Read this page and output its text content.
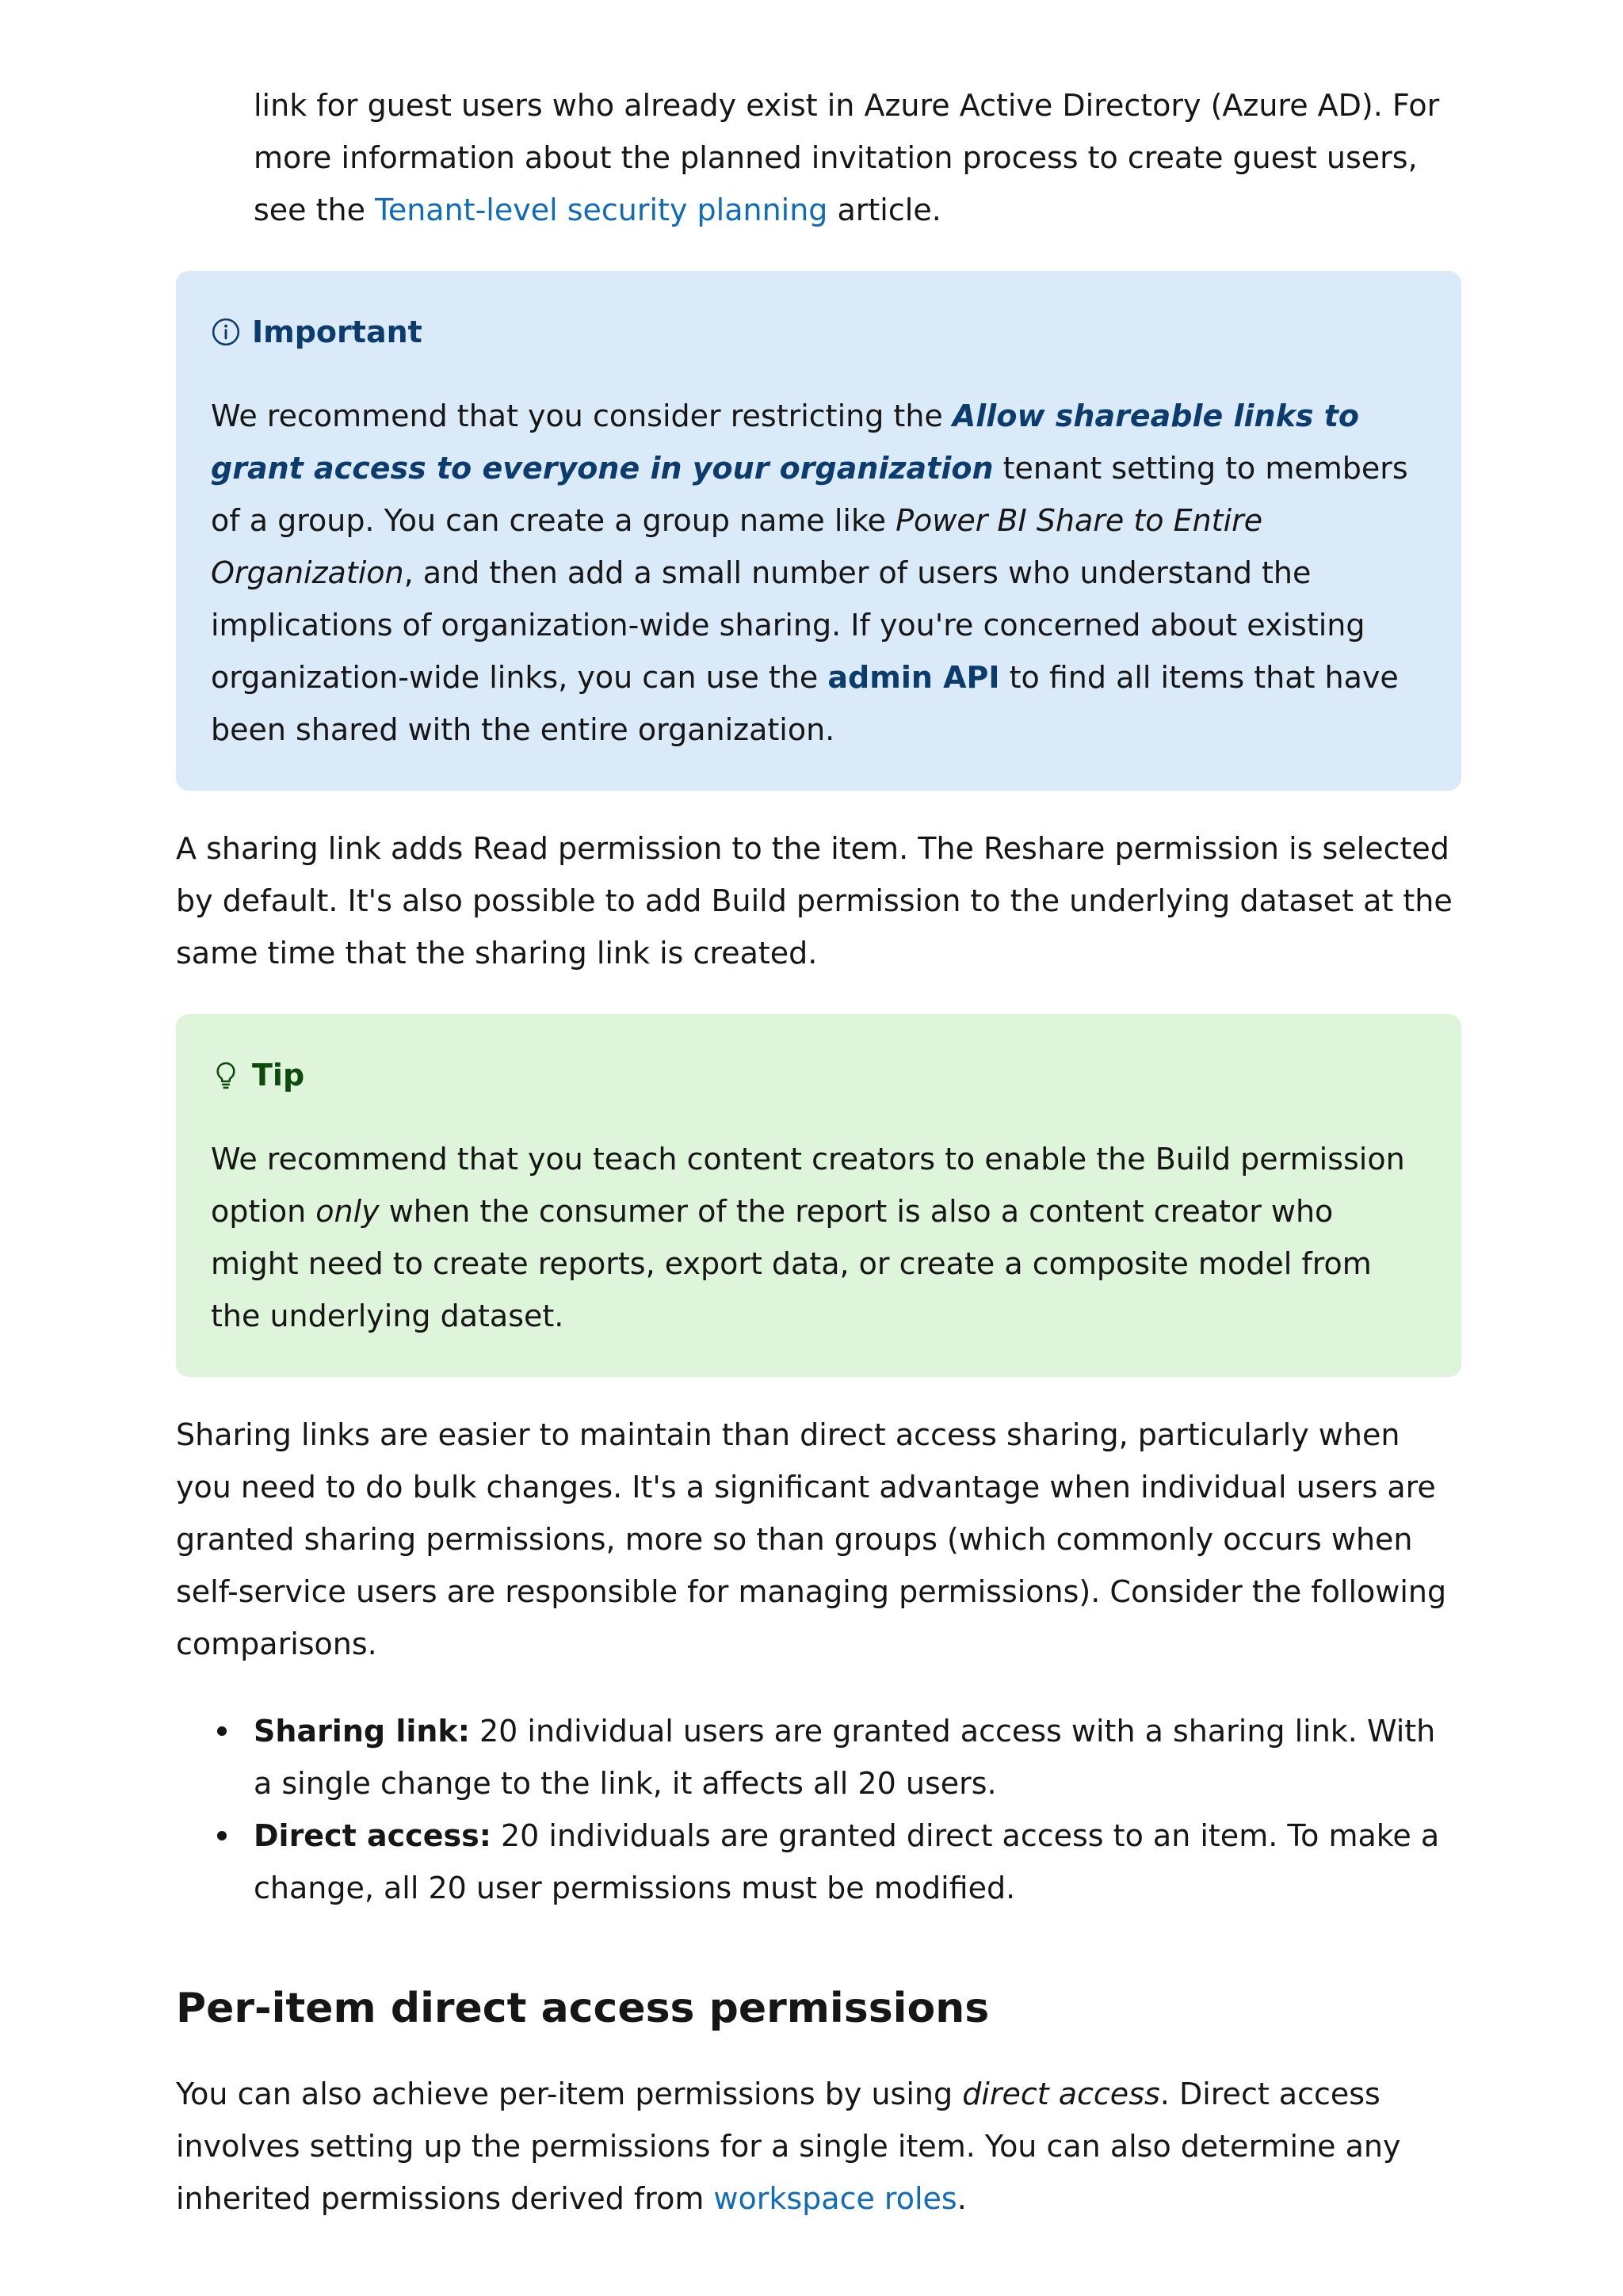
link for guest users who already exist in Azure Active Directory (Azure AD). For more information about the planned invitation process to create guest users, see the Tenant-level security planning article.

Important

We recommend that you consider restricting the Allow shareable links to grant access to everyone in your organization tenant setting to members of a group. You can create a group name like Power BI Share to Entire Organization, and then add a small number of users who understand the implications of organization-wide sharing. If you're concerned about existing organization-wide links, you can use the admin API to find all items that have been shared with the entire organization.

A sharing link adds Read permission to the item. The Reshare permission is selected by default. It's also possible to add Build permission to the underlying dataset at the same time that the sharing link is created.

Tip

We recommend that you teach content creators to enable the Build permission option only when the consumer of the report is also a content creator who might need to create reports, export data, or create a composite model from the underlying dataset.

Sharing links are easier to maintain than direct access sharing, particularly when you need to do bulk changes. It's a significant advantage when individual users are granted sharing permissions, more so than groups (which commonly occurs when self-service users are responsible for managing permissions). Consider the following comparisons.

Sharing link: 20 individual users are granted access with a sharing link. With a single change to the link, it affects all 20 users.
Direct access: 20 individuals are granted direct access to an item. To make a change, all 20 user permissions must be modified.
Per-item direct access permissions

You can also achieve per-item permissions by using direct access. Direct access involves setting up the permissions for a single item. You can also determine any inherited permissions derived from workspace roles.
